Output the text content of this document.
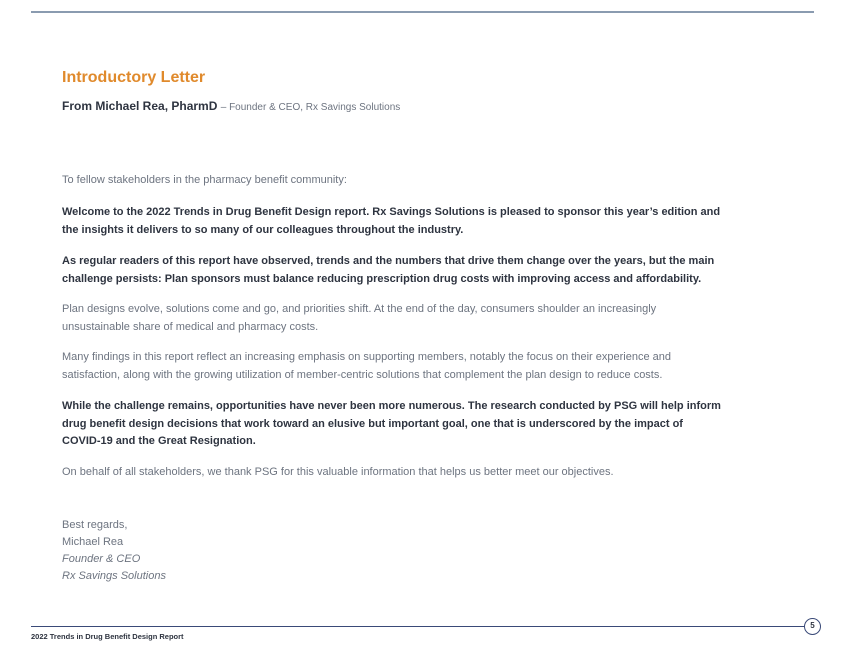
Introductory Letter
From Michael Rea, PharmD – Founder & CEO, Rx Savings Solutions
To fellow stakeholders in the pharmacy benefit community:

Welcome to the 2022 Trends in Drug Benefit Design report. Rx Savings Solutions is pleased to sponsor this year’s edition and the insights it delivers to so many of our colleagues throughout the industry.

As regular readers of this report have observed, trends and the numbers that drive them change over the years, but the main challenge persists: Plan sponsors must balance reducing prescription drug costs with improving access and affordability.

Plan designs evolve, solutions come and go, and priorities shift. At the end of the day, consumers shoulder an increasingly unsustainable share of medical and pharmacy costs.

Many findings in this report reflect an increasing emphasis on supporting members, notably the focus on their experience and satisfaction, along with the growing utilization of member-centric solutions that complement the plan design to reduce costs.

While the challenge remains, opportunities have never been more numerous. The research conducted by PSG will help inform drug benefit design decisions that work toward an elusive but important goal, one that is underscored by the impact of COVID-19 and the Great Resignation.

On behalf of all stakeholders, we thank PSG for this valuable information that helps us better meet our objectives.

Best regards,
Michael Rea
Founder & CEO
Rx Savings Solutions
5
2022 Trends in Drug Benefit Design Report
